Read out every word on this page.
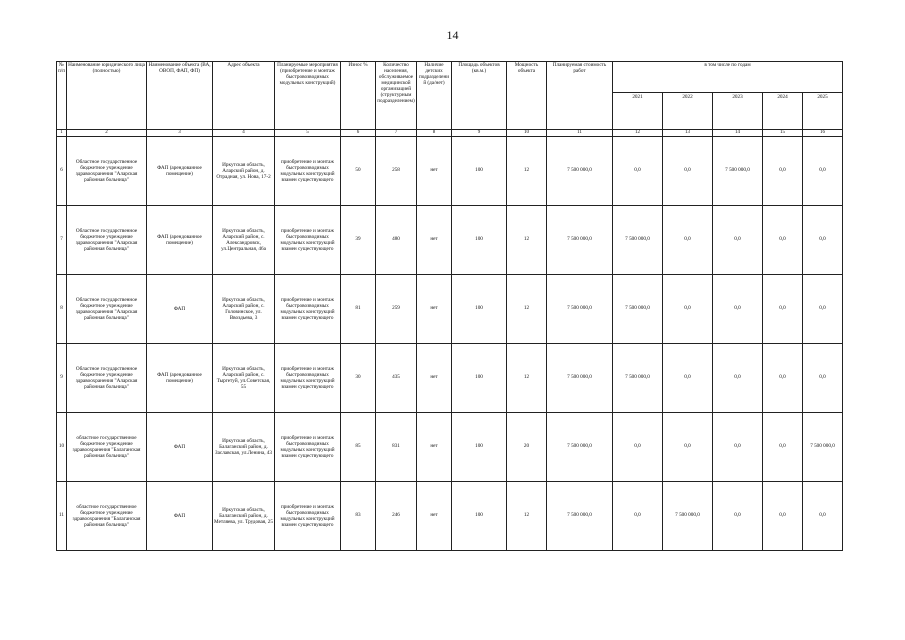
14
№ п/п	Наименование юридического лица (полностью)	Наименование объекта (ВА, ОВОП, ФАП, ФП)	Адрес объекта	Планируемые мероприятия (приобретение и монтаж быстровозводимых модульных конструкций)	Износ %	Количество населения, обслуживаемое медицинской организацией (структурным подразделением)	Наличие детских подразделений (да/нет)	Площадь объектов (кв.м.)	Мощность объекта	Планируемая стоимость работ	в том числе по годам				
											2021	2022	2023	2024	2025
1	2	3	4	5	6	7	8	9	10	11	12	13	14	15	16
6	Областное государственное бюджетное учреждение здравоохранения "Аларская районная больница"	ФАП (арендованное помещение)	Иркутская область, Аларский район, д. Отрадная, ул. Нова, 17-2	приобретение и монтаж быстровозводимых модульных конструкций взамен существующего	50	258	нет	100	12	7 500 000,0	0,0	0,0	7 500 000,0	0,0	0,0
7	Областное государственное бюджетное учреждение здравоохранения "Аларская районная больница"	ФАП (арендованное помещение)	Иркутская область, Аларский район, с. Александровск, ул.Центральная, 46а	приобретение и монтаж быстровозводимых модульных конструкций взамен существующего	39	480	нет	100	12	7 500 000,0	7 500 000,0	0,0	0,0	0,0	0,0
8	Областное государственное бюджетное учреждение здравоохранения "Аларская районная больница"	ФАП	Иркутская область, Аларский район, с. Головинское, ул. Ввоздьева, 3	приобретение и монтаж быстровозводимых модульных конструкций взамен существующего	81	259	нет	100	12	7 500 000,0	7 500 000,0	0,0	0,0	0,0	0,0
9	Областное государственное бюджетное учреждение здравоохранения "Аларская районная больница"	ФАП (арендованное помещение)	Иркутская область, Аларский район, с. Тыргетуй, ул.Советская, 55	приобретение и монтаж быстровозводимых модульных конструкций взамен существующего	30	435	нет	100	12	7 500 000,0	7 500 000,0	0,0	0,0	0,0	0,0
10	областное государственное бюджетное учреждение здравоохранения "Балаганская районная больница"	ФАП	Иркутская область, Балаганский район, д. Заславская, ул.Ленина, 43	приобретение и монтаж быстровозводимых модульных конструкций взамен существующего	85	831	нет	100	20	7 500 000,0	0,0	0,0	0,0	0,0	7 500 000,0
11	областное государственное бюджетное учреждение здравоохранения "Балаганская районная больница"	ФАП	Иркутская область, Балаганский район, д. Метляева, ул. Трудовая, 25	приобретение и монтаж быстровозводимых модульных конструкций взамен существующего	83	246	нет	100	12	7 500 000,0	0,0	7 500 000,0	0,0	0,0	0,0
